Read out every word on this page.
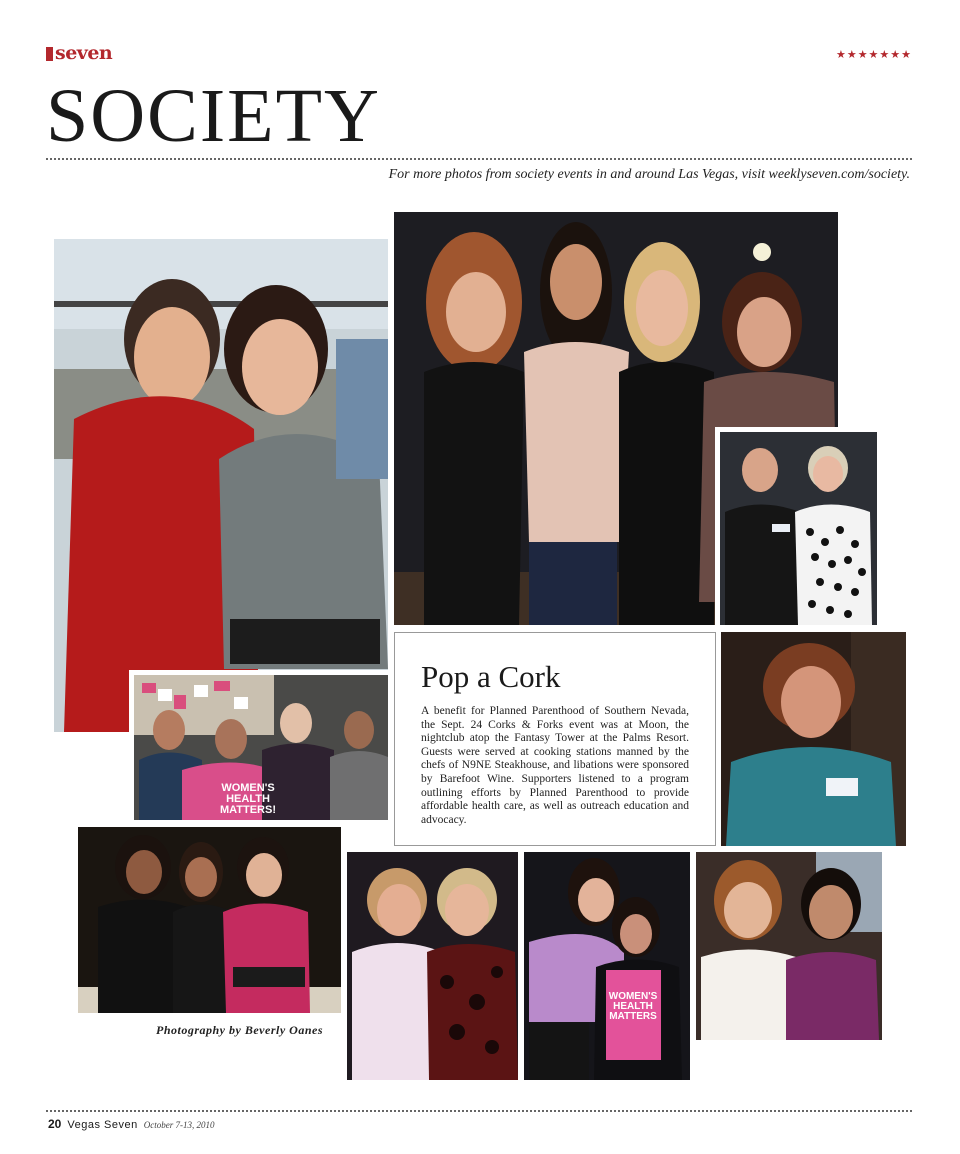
seven	★★★★★★★
SOCIETY
For more photos from society events in and around Las Vegas, visit weeklyseven.com/society.
WOMEN'S HEALTH MATTERS!
Pop a Cork
A benefit for Planned Parenthood of Southern Nevada, the Sept. 24 Corks & Forks event was at Moon, the nightclub atop the Fantasy Tower at the Palms Resort. Guests were served at cooking stations manned by the chefs of N9NE Steakhouse, and libations were sponsored by Barefoot Wine. Supporters listened to a program outlining efforts by Planned Parenthood to provide affordable health care, as well as outreach education and advocacy.
WOMEN'S HEALTH MATTERS
Photography by Beverly Oanes
20 Vegas Seven October 7-13, 2010
